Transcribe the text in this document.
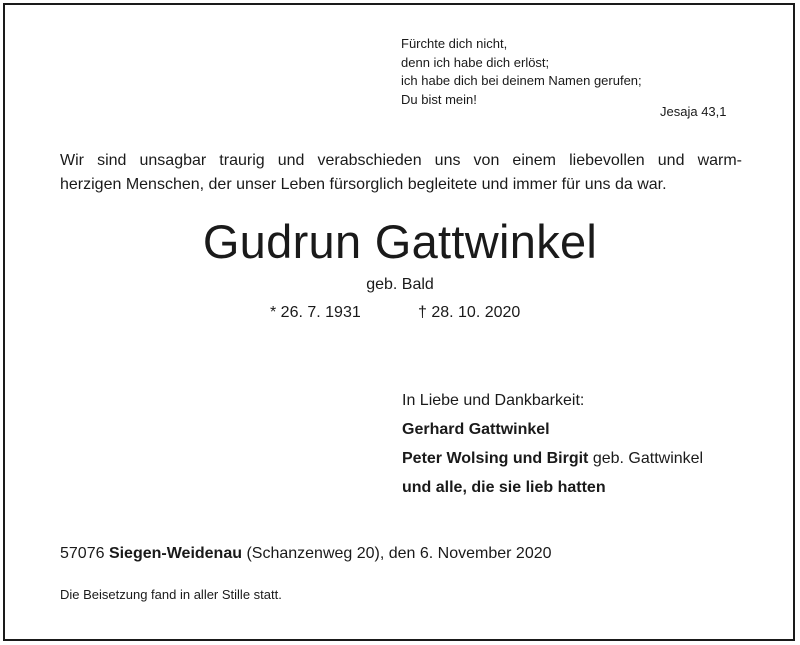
Fürchte dich nicht,
denn ich habe dich erlöst;
ich habe dich bei deinem Namen gerufen;
Du bist mein!
Jesaja 43,1
Wir sind unsagbar traurig und verabschieden uns von einem liebevollen und warm-
herzigen Menschen, der unser Leben fürsorglich begleitete und immer für uns da war.
Gudrun Gattwinkel
geb. Bald
* 26. 7. 1931	† 28. 10. 2020
In Liebe und Dankbarkeit:
Gerhard Gattwinkel
Peter Wolsing und Birgit geb. Gattwinkel
und alle, die sie lieb hatten
57076 Siegen-Weidenau (Schanzenweg 20), den 6. November 2020
Die Beisetzung fand in aller Stille statt.
